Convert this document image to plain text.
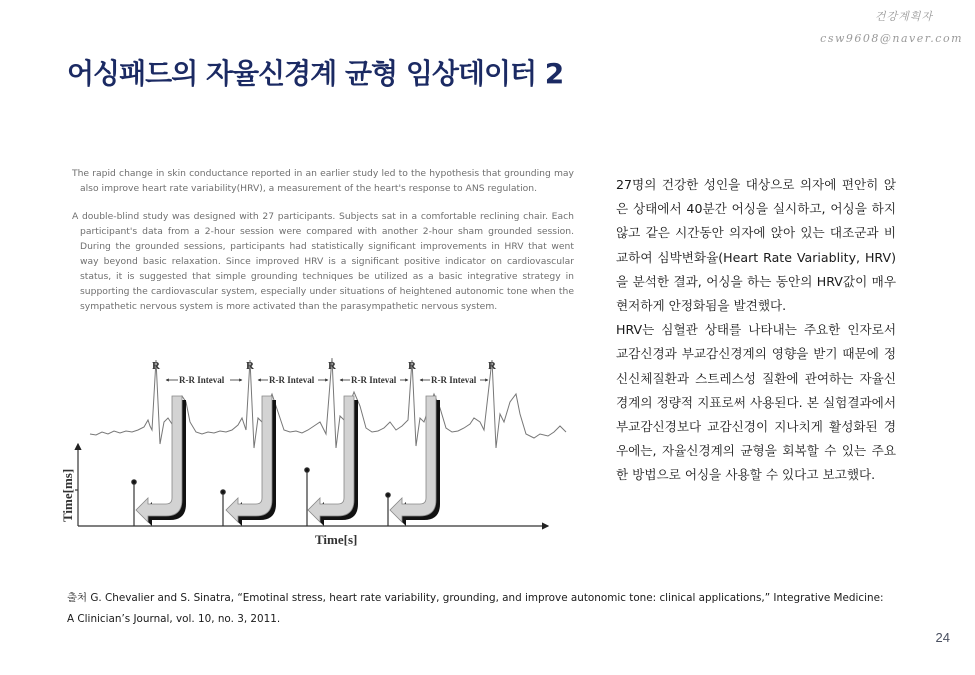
건강계획자
csw9608@naver.com
어싱패드의 자율신경계 균형 임상데이터 2

The rapid change in skin conductance reported in an earlier study led to the hypothesis that grounding may also improve heart rate variability(HRV), a measurement of the heart's response to ANS regulation.

A double-blind study was designed with 27 participants. Subjects sat in a comfortable reclining chair. Each participant's data from a 2-hour session were compared with another 2-hour sham grounded session. During the grounded sessions, participants had statistically significant improvements in HRV that went way beyond basic relaxation. Since improved HRV is a significant positive indicator on cardiovascular status, it is suggested that simple grounding techniques be utilized as a basic integrative strategy in supporting the cardiovascular system, especially under situations of heightened autonomic tone when the sympathetic nervous system is more activated than the parasympathetic nervous system.

R	R	R	R	R
R-R Inteval	R-R Inteval	R-R Inteval	R-R Inteval
Time[ms]
Time[s]

27명의 건강한 성인을 대상으로 의자에 편안히 앉은 상태에서 40분간 어싱을 실시하고, 어싱을 하지 않고 같은 시간동안 의자에 앉아 있는 대조군과 비교하여 심박변화율(Heart Rate Variablity, HRV)을 분석한 결과, 어싱을 하는 동안의 HRV값이 매우 현저하게 안정화됨을 발견했다.

HRV는 심혈관 상태를 나타내는 주요한 인자로서 교감신경과 부교감신경계의 영향을 받기 때문에 정신신체질환과 스트레스성 질환에 관여하는 자율신경계의 정량적 지표로써 사용된다. 본 실험결과에서 부교감신경보다 교감신경이 지나치게 활성화된 경우에는, 자율신경계의 균형을 회복할 수 있는 주요한 방법으로 어싱을 사용할 수 있다고 보고했다.

출처 G. Chevalier and S. Sinatra, “Emotinal stress, heart rate variability, grounding, and improve autonomic tone: clinical applications,” Integrative Medicine: A Clinician’s Journal, vol. 10, no. 3, 2011.
24
